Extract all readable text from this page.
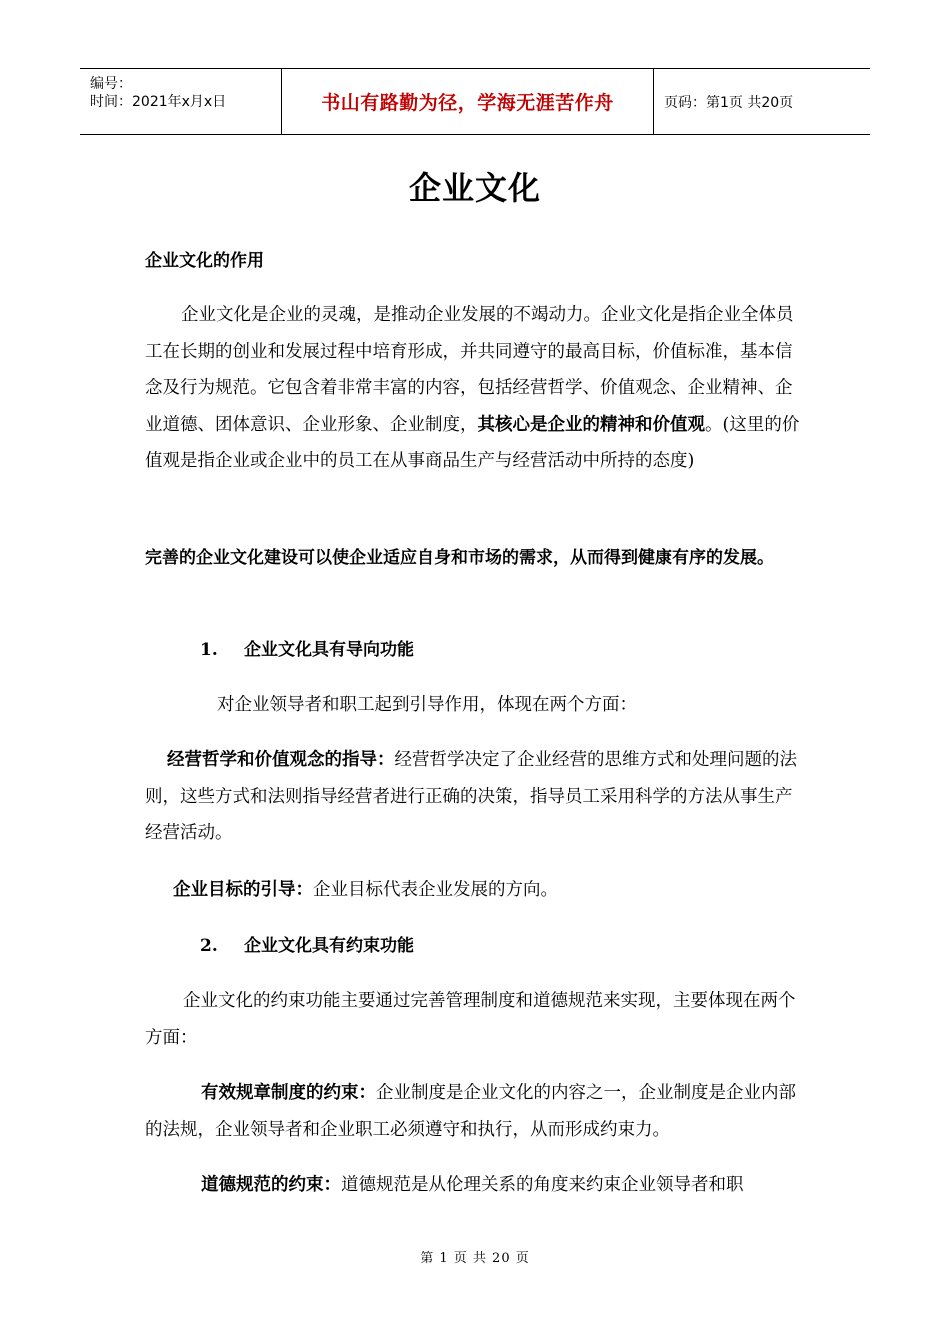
编号：
时间：2021年x月x日	书山有路勤为径，学海无涯苦作舟	页码：第1页 共20页
企业文化
企业文化的作用
企业文化是企业的灵魂，是推动企业发展的不竭动力。企业文化是指企业全体员工在长期的创业和发展过程中培育形成，并共同遵守的最高目标，价值标准，基本信念及行为规范。它包含着非常丰富的内容，包括经营哲学、价值观念、企业精神、企业道德、团体意识、企业形象、企业制度，其核心是企业的精神和价值观。(这里的价值观是指企业或企业中的员工在从事商品生产与经营活动中所持的态度)
完善的企业文化建设可以使企业适应自身和市场的需求，从而得到健康有序的发展。
1. 企业文化具有导向功能
对企业领导者和职工起到引导作用，体现在两个方面：
经营哲学和价值观念的指导：经营哲学决定了企业经营的思维方式和处理问题的法则，这些方式和法则指导经营者进行正确的决策，指导员工采用科学的方法从事生产经营活动。
企业目标的引导：企业目标代表企业发展的方向。
2. 企业文化具有约束功能
企业文化的约束功能主要通过完善管理制度和道德规范来实现，主要体现在两个方面：
有效规章制度的约束：企业制度是企业文化的内容之一，企业制度是企业内部的法规，企业领导者和企业职工必须遵守和执行，从而形成约束力。
道德规范的约束：道德规范是从伦理关系的角度来约束企业领导者和职
第 1 页 共 20 页
